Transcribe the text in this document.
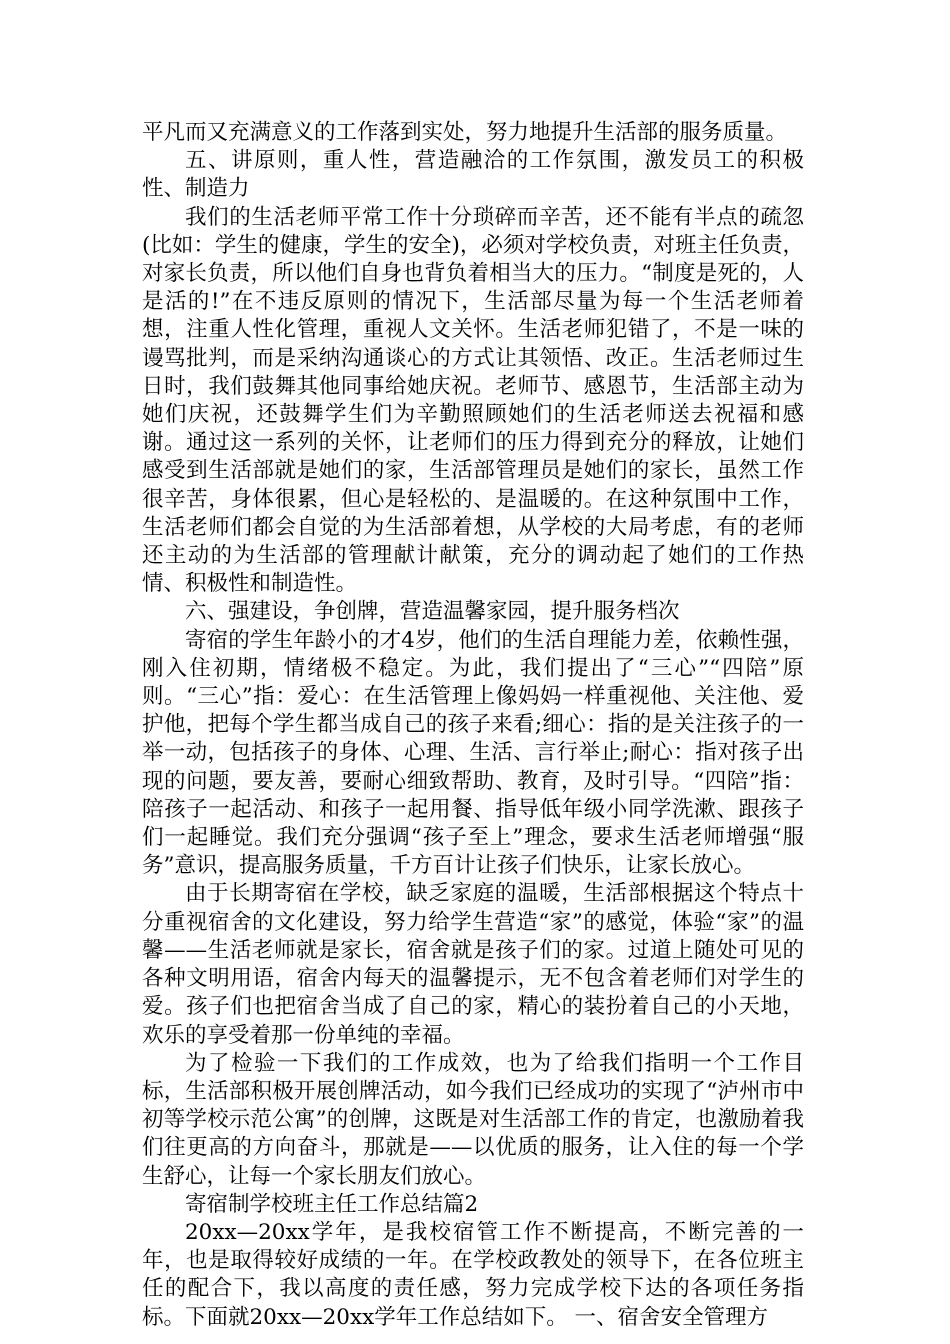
平凡而又充满意义的工作落到实处，努力地提升生活部的服务质量。

五、讲原则，重人性，营造融洽的工作氛围，激发员工的积极性、制造力

我们的生活老师平常工作十分琐碎而辛苦，还不能有半点的疏忽(比如：学生的健康，学生的安全)，必须对学校负责，对班主任负责，对家长负责，所以他们自身也背负着相当大的压力。“制度是死的，人是活的!”在不违反原则的情况下，生活部尽量为每一个生活老师着想，注重人性化管理，重视人文关怀。生活老师犯错了，不是一味的谩骂批判，而是采纳沟通谈心的方式让其领悟、改正。生活老师过生日时，我们鼓舞其他同事给她庆祝。老师节、感恩节，生活部主动为她们庆祝，还鼓舞学生们为辛勤照顾她们的生活老师送去祝福和感谢。通过这一系列的关怀，让老师们的压力得到充分的释放，让她们感受到生活部就是她们的家，生活部管理员是她们的家长，虽然工作很辛苦，身体很累，但心是轻松的、是温暖的。在这种氛围中工作，生活老师们都会自觉的为生活部着想，从学校的大局考虑，有的老师还主动的为生活部的管理献计献策，充分的调动起了她们的工作热情、积极性和制造性。

六、强建设，争创牌，营造温馨家园，提升服务档次

寄宿的学生年龄小的才4岁，他们的生活自理能力差，依赖性强，刚入住初期，情绪极不稳定。为此，我们提出了“三心”“四陪”原则。“三心”指：爱心：在生活管理上像妈妈一样重视他、关注他、爱护他，把每个学生都当成自己的孩子来看;细心：指的是关注孩子的一举一动，包括孩子的身体、心理、生活、言行举止;耐心：指对孩子出现的问题，要友善，要耐心细致帮助、教育，及时引导。“四陪”指：陪孩子一起活动、和孩子一起用餐、指导低年级小同学洗漱、跟孩子们一起睡觉。我们充分强调“孩子至上”理念，要求生活老师增强“服务”意识，提高服务质量，千方百计让孩子们快乐，让家长放心。

由于长期寄宿在学校，缺乏家庭的温暖，生活部根据这个特点十分重视宿舍的文化建设，努力给学生营造“家”的感觉，体验“家”的温馨——生活老师就是家长，宿舍就是孩子们的家。过道上随处可见的各种文明用语，宿舍内每天的温馨提示，无不包含着老师们对学生的爱。孩子们也把宿舍当成了自己的家，精心的装扮着自己的小天地，欢乐的享受着那一份单纯的幸福。

为了检验一下我们的工作成效，也为了给我们指明一个工作目标，生活部积极开展创牌活动，如今我们已经成功的实现了“泸州市中初等学校示范公寓”的创牌，这既是对生活部工作的肯定，也激励着我们往更高的方向奋斗，那就是——以优质的服务，让入住的每一个学生舒心，让每一个家长朋友们放心。

寄宿制学校班主任工作总结篇2

20xx—20xx学年，是我校宿管工作不断提高，不断完善的一年，也是取得较好成绩的一年。在学校政教处的领导下，在各位班主任的配合下，我以高度的责任感，努力完成学校下达的各项任务指标。下面就20xx—20xx学年工作总结如下。 一、宿舍安全管理方
